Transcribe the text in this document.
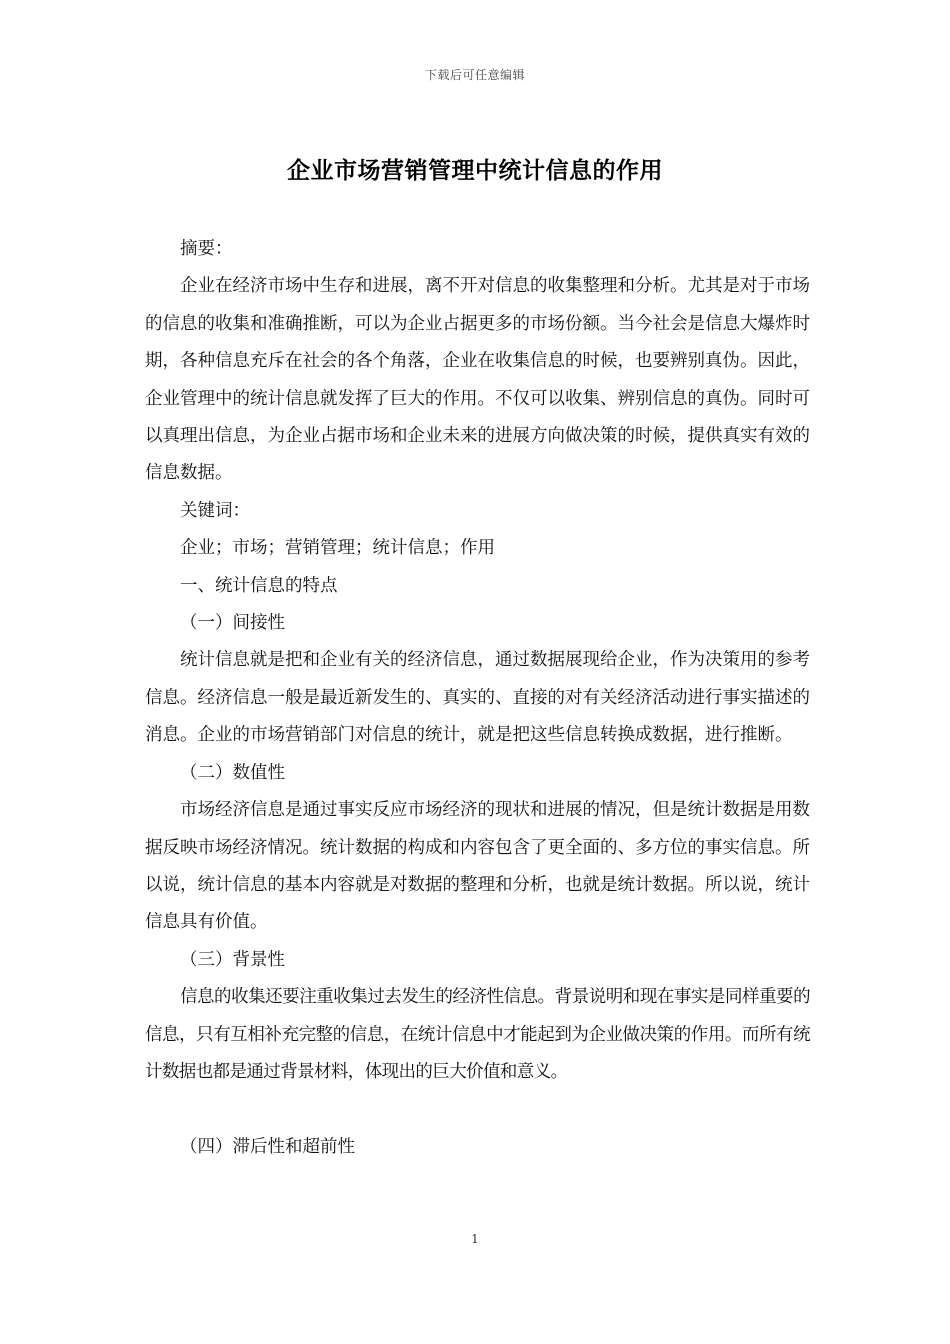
下载后可任意编辑
企业市场营销管理中统计信息的作用

摘要：

企业在经济市场中生存和进展，离不开对信息的收集整理和分析。尤其是对于市场的信息的收集和准确推断，可以为企业占据更多的市场份额。当今社会是信息大爆炸时期，各种信息充斥在社会的各个角落，企业在收集信息的时候，也要辨别真伪。因此，企业管理中的统计信息就发挥了巨大的作用。不仅可以收集、辨别信息的真伪。同时可以真理出信息，为企业占据市场和企业未来的进展方向做决策的时候，提供真实有效的信息数据。

关键词：

企业；市场；营销管理；统计信息；作用

一、统计信息的特点

（一）间接性

统计信息就是把和企业有关的经济信息，通过数据展现给企业，作为决策用的参考信息。经济信息一般是最近新发生的、真实的、直接的对有关经济活动进行事实描述的消息。企业的市场营销部门对信息的统计，就是把这些信息转换成数据，进行推断。

（二）数值性

市场经济信息是通过事实反应市场经济的现状和进展的情况，但是统计数据是用数据反映市场经济情况。统计数据的构成和内容包含了更全面的、多方位的事实信息。所以说，统计信息的基本内容就是对数据的整理和分析，也就是统计数据。所以说，统计信息具有价值。

（三）背景性

信息的收集还要注重收集过去发生的经济性信息。背景说明和现在事实是同样重要的信息，只有互相补充完整的信息，在统计信息中才能起到为企业做决策的作用。而所有统计数据也都是通过背景材料，体现出的巨大价值和意义。

（四）滞后性和超前性

1
